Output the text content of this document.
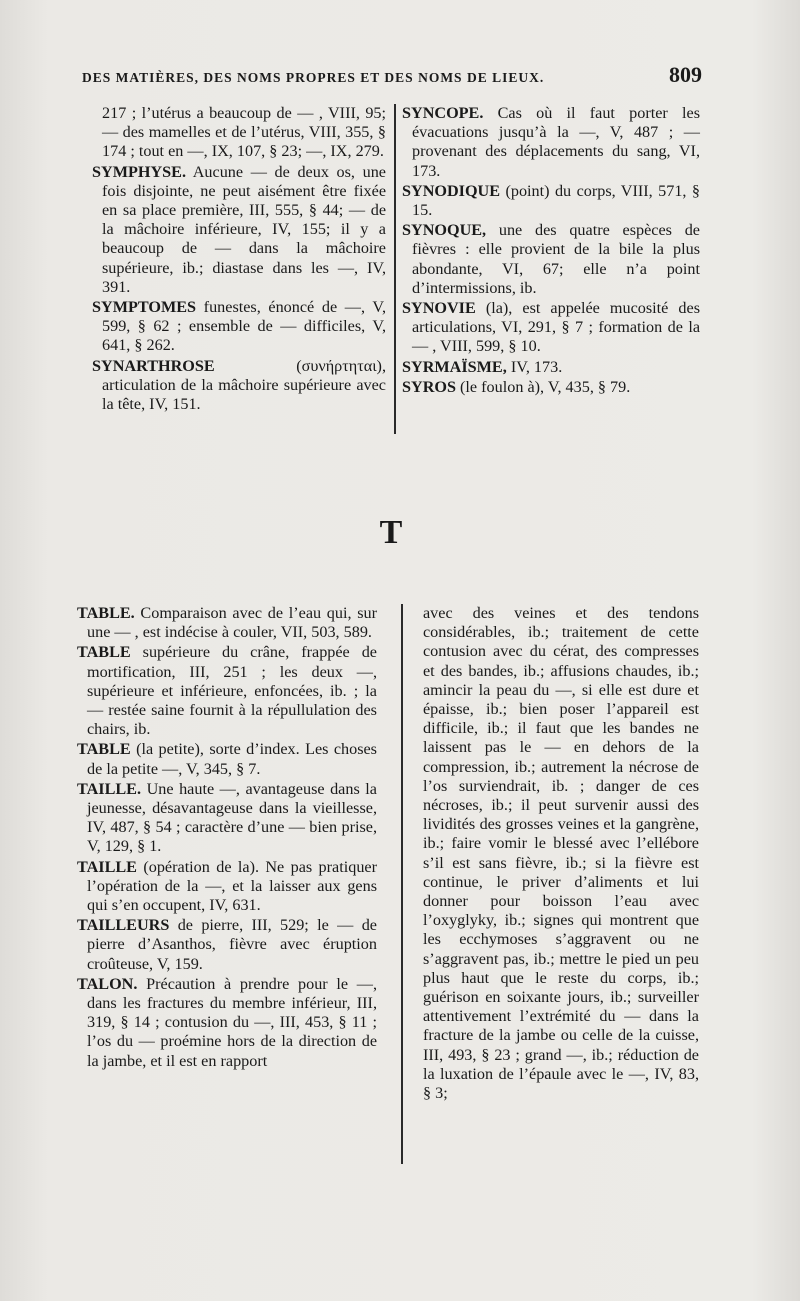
DES MATIÈRES, DES NOMS PROPRES ET DES NOMS DE LIEUX.	809

217 ; l’utérus a beaucoup de — , VIII, 95; — des mamelles et de l’utérus, VIII, 355, § 174 ; tout en —, IX, 107, § 23; —, IX, 279.

SYMPHYSE. Aucune — de deux os, une fois disjointe, ne peut aisément être fixée en sa place première, III, 555, § 44; — de la mâchoire inférieure, IV, 155; il y a beaucoup de — dans la mâchoire supérieure, ib.; diastase dans les —, IV, 391.

SYMPTOMES funestes, énoncé de —, V, 599, § 62 ; ensemble de — difficiles, V, 641, § 262.

SYNARTHROSE (συνήρτηται), articulation de la mâchoire supérieure avec la tête, IV, 151.

SYNCOPE. Cas où il faut porter les évacuations jusqu’à la —, V, 487 ; — provenant des déplacements du sang, VI, 173.

SYNODIQUE (point) du corps, VIII, 571, § 15.

SYNOQUE, une des quatre espèces de fièvres : elle provient de la bile la plus abondante, VI, 67; elle n’a point d’intermissions, ib.

SYNOVIE (la), est appelée mucosité des articulations, VI, 291, § 7 ; formation de la — , VIII, 599, § 10.

SYRMAÏSME, IV, 173.

SYROS (le foulon à), V, 435, § 79.

T

TABLE. Comparaison avec de l’eau qui, sur une — , est indécise à couler, VII, 503, 589.

TABLE supérieure du crâne, frappée de mortification, III, 251 ; les deux —, supérieure et inférieure, enfoncées, ib. ; la — restée saine fournit à la répullulation des chairs, ib.

TABLE (la petite), sorte d’index. Les choses de la petite —, V, 345, § 7.

TAILLE. Une haute —, avantageuse dans la jeunesse, désavantageuse dans la vieillesse, IV, 487, § 54 ; caractère d’une — bien prise, V, 129, § 1.

TAILLE (opération de la). Ne pas pratiquer l’opération de la —, et la laisser aux gens qui s’en occupent, IV, 631.

TAILLEURS de pierre, III, 529; le — de pierre d’Asanthos, fièvre avec éruption croûteuse, V, 159.

TALON. Précaution à prendre pour le —, dans les fractures du membre inférieur, III, 319, § 14 ; contusion du —, III, 453, § 11 ; l’os du — proémine hors de la direction de la jambe, et il est en rapport

avec des veines et des tendons considérables, ib.; traitement de cette contusion avec du cérat, des compresses et des bandes, ib.; affusions chaudes, ib.; amincir la peau du —, si elle est dure et épaisse, ib.; bien poser l’appareil est difficile, ib.; il faut que les bandes ne laissent pas le — en dehors de la compression, ib.; autrement la nécrose de l’os surviendrait, ib. ; danger de ces nécroses, ib.; il peut survenir aussi des lividités des grosses veines et la gangrène, ib.; faire vomir le blessé avec l’ellébore s’il est sans fièvre, ib.; si la fièvre est continue, le priver d’aliments et lui donner pour boisson l’eau avec l’oxyglyky, ib.; signes qui montrent que les ecchymoses s’aggravent ou ne s’aggravent pas, ib.; mettre le pied un peu plus haut que le reste du corps, ib.; guérison en soixante jours, ib.; surveiller attentivement l’extrémité du — dans la fracture de la jambe ou celle de la cuisse, III, 493, § 23 ; grand —, ib.; réduction de la luxation de l’épaule avec le —, IV, 83, § 3;
